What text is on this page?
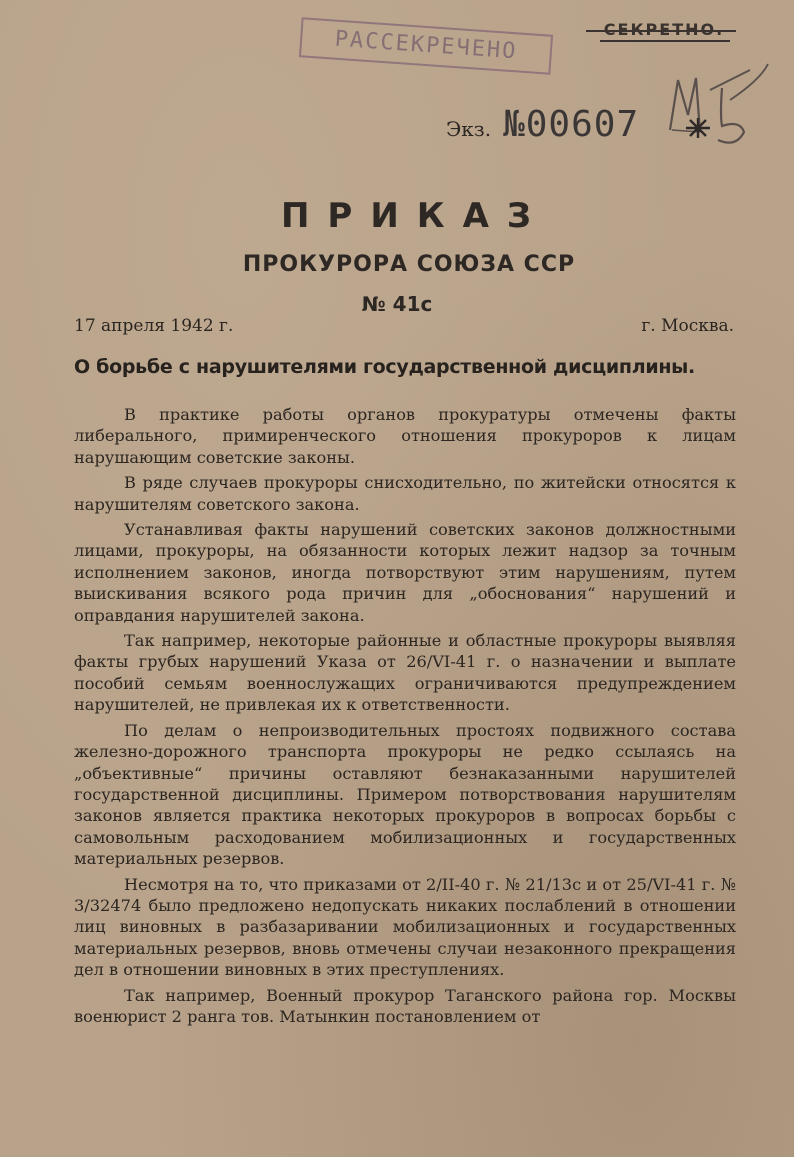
РАССЕКРЕЧЕНО
Экз. №00607
ПРИКАЗ
ПРОКУРОРА СОЮЗА ССР
№ 41с
17 апреля 1942 г.	г. Москва.
О борьбе с нарушителями государственной дисциплины.

В практике работы органов прокуратуры отмечены факты либерального, примиренческого отношения прокуроров к лицам нарушающим советские законы.

В ряде случаев прокуроры снисходительно, по житейски относятся к нарушителям советского закона.

Устанавливая факты нарушений советских законов должностными лицами, прокуроры, на обязанности которых лежит надзор за точным исполнением законов, иногда потворствуют этим нарушениям, путем выискивания всякого рода причин для „обоснования“ нарушений и оправдания нарушителей закона.

Так например, некоторые районные и областные прокуроры выявляя факты грубых нарушений Указа от 26/VI-41 г. о назначении и выплате пособий семьям военнослужащих ограничиваются предупреждением нарушителей, не привлекая их к ответственности.

По делам о непроизводительных простоях подвижного состава железно-дорожного транспорта прокуроры не редко ссылаясь на „объективные“ причины оставляют безнаказанными нарушителей государственной дисциплины. Примером потворствования нарушителям законов является практика некоторых прокуроров в вопросах борьбы с самовольным расходованием мобилизационных и государственных материальных резервов.

Несмотря на то, что приказами от 2/II-40 г. № 21/13с и от 25/VI-41 г. № 3/32474 было предложено недопускать никаких послаблений в отношении лиц виновных в разбазаривании мобилизационных и государственных материальных резервов, вновь отмечены случаи незаконного прекращения дел в отношении виновных в этих преступлениях.

Так например, Военный прокурор Таганского района гор. Москвы военюрист 2 ранга тов. Матынкин постановлением от
